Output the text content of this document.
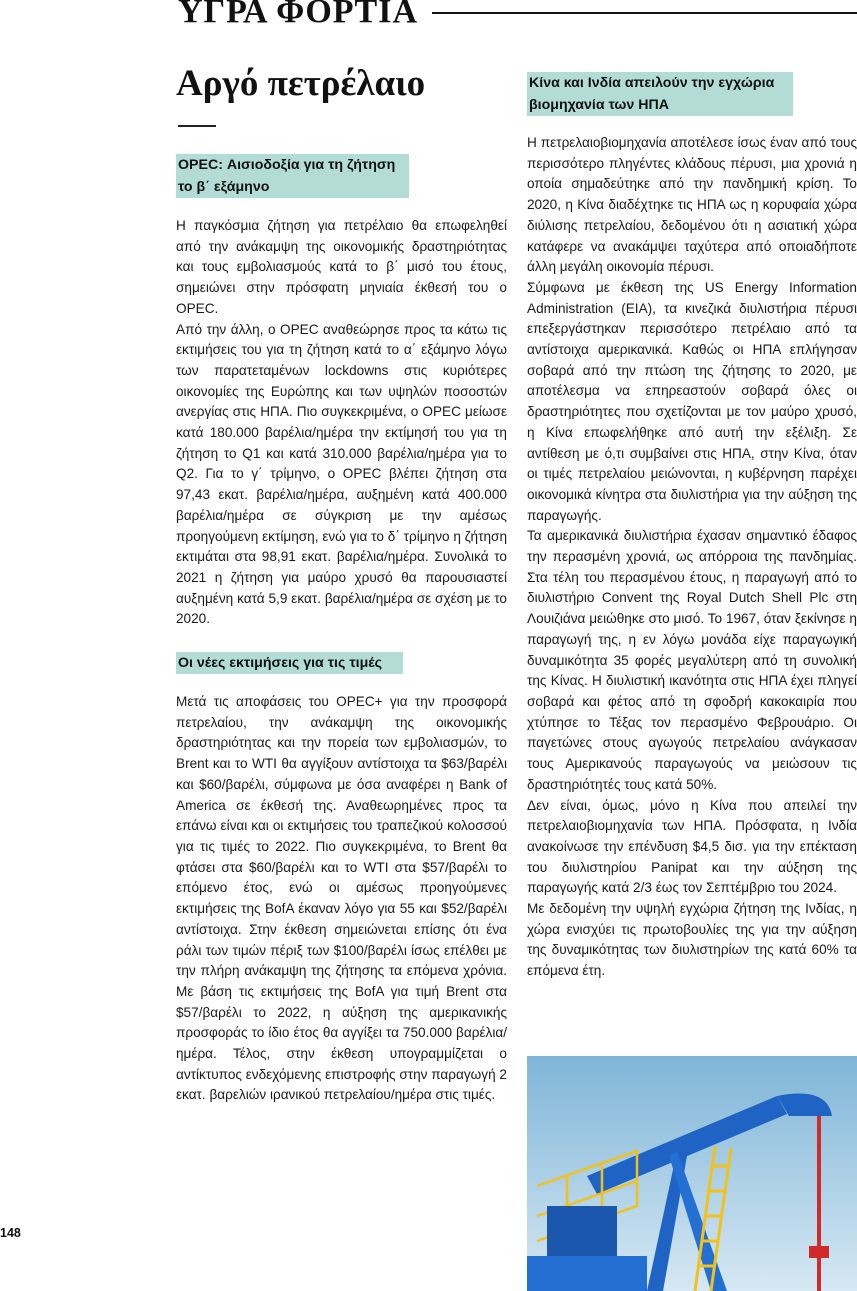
ΥΓΡΑ ΦΟΡΤΙΑ
Αργό πετρέλαιο
OPEC: Αισιοδοξία για τη ζήτηση
το β΄ εξάμηνο

Η παγκόσμια ζήτηση για πετρέλαιο θα επωφεληθεί από την ανάκαμψη της οικονομικής δραστηριότητας και τους εμβολιασμούς κατά το β΄ μισό του έτους, σημειώνει στην πρόσφατη μηνιαία έκθεσή του ο OPEC.

Από την άλλη, ο OPEC αναθεώρησε προς τα κάτω τις εκτιμήσεις του για τη ζήτηση κατά το α΄ εξάμηνο λόγω των παρατεταμένων lockdowns στις κυριότερες οικονομίες της Ευρώπης και των υψηλών ποσοστών ανεργίας στις ΗΠΑ. Πιο συγκεκριμένα, ο OPEC μείωσε κατά 180.000 βαρέλια/ημέρα την εκτίμησή του για τη ζήτηση το Q1 και κατά 310.000 βαρέλια/ημέρα για το Q2. Για το γ΄ τρίμηνο, ο OPEC βλέπει ζήτηση στα 97,43 εκατ. βαρέλια/ημέρα, αυξημένη κατά 400.000 βαρέλια/ημέρα σε σύγκριση με την αμέσως προηγούμενη εκτίμηση, ενώ για το δ΄ τρίμηνο η ζήτηση εκτιμάται στα 98,91 εκατ. βαρέλια/ημέρα. Συνολικά το 2021 η ζήτηση για μαύρο χρυσό θα παρουσιαστεί αυξημένη κατά 5,9 εκατ. βαρέλια/ημέρα σε σχέση με το 2020.

Οι νέες εκτιμήσεις για τις τιμές

Μετά τις αποφάσεις του OPEC+ για την προσφορά πετρελαίου, την ανάκαμψη της οικονομικής δραστηριότητας και την πορεία των εμβολιασμών, το Brent και το WTI θα αγγίξουν αντίστοιχα τα $63/βαρέλι και $60/βαρέλι, σύμφωνα με όσα αναφέρει η Bank of America σε έκθεσή της. Αναθεωρημένες προς τα επάνω είναι και οι εκτιμήσεις του τραπεζικού κολοσσού για τις τιμές το 2022. Πιο συγκεκριμένα, το Brent θα φτάσει στα $60/βαρέλι και το WTI στα $57/βαρέλι το επόμενο έτος, ενώ οι αμέσως προηγούμενες εκτιμήσεις της BofA έκαναν λόγο για 55 και $52/βαρέλι αντίστοιχα. Στην έκθεση σημειώνεται επίσης ότι ένα ράλι των τιμών πέριξ των $100/βαρέλι ίσως επέλθει με την πλήρη ανάκαμψη της ζήτησης τα επόμενα χρόνια. Με βάση τις εκτιμήσεις της BofA για τιμή Brent στα $57/βαρέλι το 2022, η αύξηση της αμερικανικής προσφοράς το ίδιο έτος θα αγγίξει τα 750.000 βαρέλια/ημέρα. Τέλος, στην έκθεση υπογραμμίζεται ο αντίκτυπος ενδεχόμενης επιστροφής στην παραγωγή 2 εκατ. βαρελιών ιρανικού πετρελαίου/ημέρα στις τιμές.

Κίνα και Ινδία απειλούν την εγχώρια
βιομηχανία των ΗΠΑ

Η πετρελαιοβιομηχανία αποτέλεσε ίσως έναν από τους περισσότερο πληγέντες κλάδους πέρυσι, μια χρονιά η οποία σημαδεύτηκε από την πανδημική κρίση. Το 2020, η Κίνα διαδέχτηκε τις ΗΠΑ ως η κορυφαία χώρα διύλισης πετρελαίου, δεδομένου ότι η ασιατική χώρα κατάφερε να ανακάμψει ταχύτερα από οποιαδήποτε άλλη μεγάλη οικονομία πέρυσι.

Σύμφωνα με έκθεση της US Energy Information Administration (EIA), τα κινεζικά διυλιστήρια πέρυσι επεξεργάστηκαν περισσότερο πετρέλαιο από τα αντίστοιχα αμερικανικά. Καθώς οι ΗΠΑ επλήγησαν σοβαρά από την πτώση της ζήτησης το 2020, με αποτέλεσμα να επηρεαστούν σοβαρά όλες οι δραστηριότητες που σχετίζονται με τον μαύρο χρυσό, η Κίνα επωφελήθηκε από αυτή την εξέλιξη. Σε αντίθεση με ό,τι συμβαίνει στις ΗΠΑ, στην Κίνα, όταν οι τιμές πετρελαίου μειώνονται, η κυβέρνηση παρέχει οικονομικά κίνητρα στα διυλιστήρια για την αύξηση της παραγωγής.

Τα αμερικανικά διυλιστήρια έχασαν σημαντικό έδαφος την περασμένη χρονιά, ως απόρροια της πανδημίας. Στα τέλη του περασμένου έτους, η παραγωγή από το διυλιστήριο Convent της Royal Dutch Shell Plc στη Λουιζιάνα μειώθηκε στο μισό. Το 1967, όταν ξεκίνησε η παραγωγή της, η εν λόγω μονάδα είχε παραγωγική δυναμικότητα 35 φορές μεγαλύτερη από τη συνολική της Κίνας. Η διυλιστική ικανότητα στις ΗΠΑ έχει πληγεί σοβαρά και φέτος από τη σφοδρή κακοκαιρία που χτύπησε το Τέξας τον περασμένο Φεβρουάριο. Οι παγετώνες στους αγωγούς πετρελαίου ανάγκασαν τους Αμερικανούς παραγωγούς να μειώσουν τις δραστηριότητές τους κατά 50%.

Δεν είναι, όμως, μόνο η Κίνα που απειλεί την πετρελαιοβιομηχανία των ΗΠΑ. Πρόσφατα, η Ινδία ανακοίνωσε την επένδυση $4,5 δισ. για την επέκταση του διυλιστηρίου Panipat και την αύξηση της παραγωγής κατά 2/3 έως τον Σεπτέμβριο του 2024.

Με δεδομένη την υψηλή εγχώρια ζήτηση της Ινδίας, η χώρα ενισχύει τις πρωτοβουλίες της για την αύξηση της δυναμικότητας των διυλιστηρίων της κατά 60% τα επόμενα έτη.

148
